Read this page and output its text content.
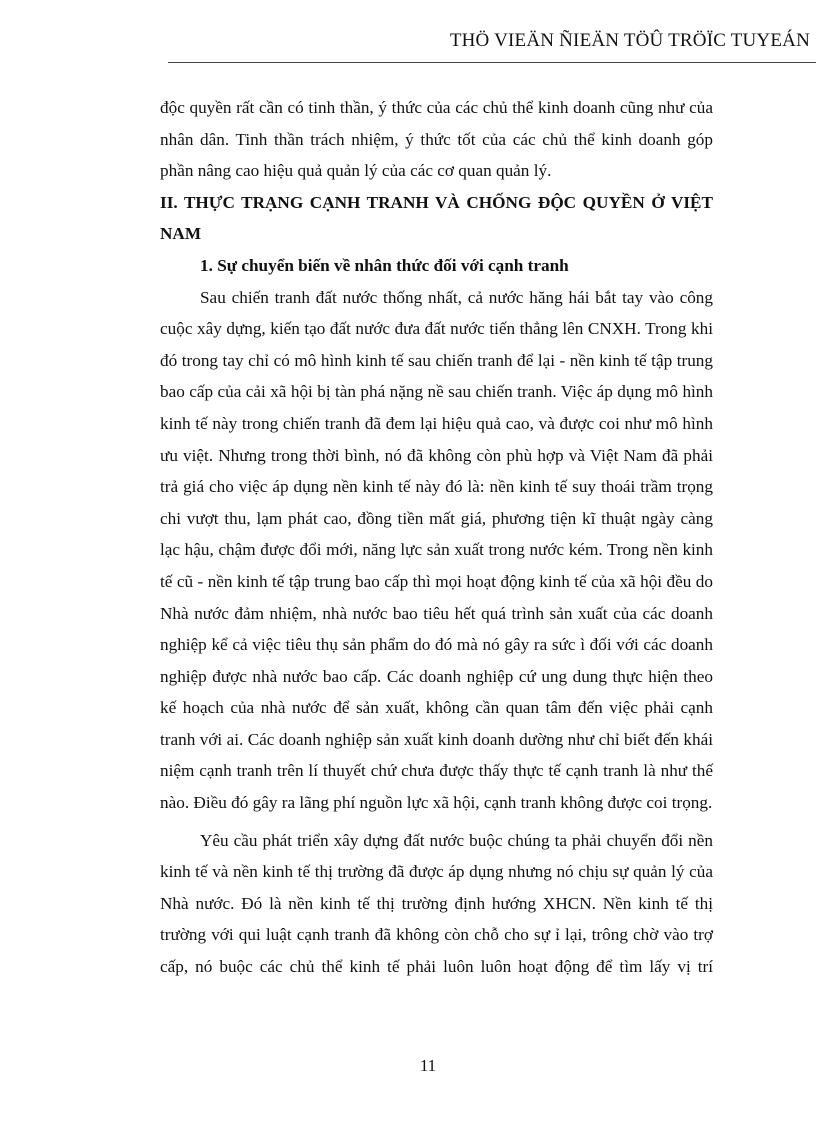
THÖ VIEÄN ÑIEÄN TÖÛ TRÖÏC TUYEÁN

độc quyền rất cần có tinh thần, ý thức của các chủ thể kinh doanh cũng như của nhân dân. Tinh thần trách nhiệm, ý thức tốt của các chủ thể kinh doanh góp phần nâng cao hiệu quả quản lý của các cơ quan quản lý.

II. THỰC TRẠNG CẠNH TRANH VÀ CHỐNG ĐỘC QUYỀN Ở VIỆT NAM

1. Sự chuyển biến về nhân thức đối với cạnh tranh

Sau chiến tranh đất nước thống nhất, cả nước hăng hái bắt tay vào công cuộc xây dựng, kiến tạo đất nước đưa đất nước tiến thẳng lên CNXH. Trong khi đó trong tay chỉ có mô hình kinh tế sau chiến tranh để lại - nền kinh tế tập trung bao cấp của cải xã hội bị tàn phá nặng nề sau chiến tranh. Việc áp dụng mô hình kinh tế này trong chiến tranh đã đem lại hiệu quả cao, và được coi như mô hình ưu việt. Nhưng trong thời bình, nó đã không còn phù hợp và Việt Nam đã phải trả giá cho việc áp dụng nền kinh tế này đó là: nền kinh tế suy thoái trầm trọng chi vượt thu, lạm phát cao, đồng tiền mất giá, phương tiện kĩ thuật ngày càng lạc hậu, chậm được đổi mới, năng lực sản xuất trong nước kém. Trong nền kinh tế cũ - nền kinh tế tập trung bao cấp thì mọi hoạt động kinh tế của xã hội đều do Nhà nước đảm nhiệm, nhà nước bao tiêu hết quá trình sản xuất của các doanh nghiệp kể cả việc tiêu thụ sản phẩm do đó mà nó gây ra sức ì đối với các doanh nghiệp được nhà nước bao cấp. Các doanh nghiệp cứ ung dung thực hiện theo kế hoạch của nhà nước để sản xuất, không cần quan tâm đến việc phải cạnh tranh với ai. Các doanh nghiệp sản xuất kinh doanh dường như chỉ biết đến khái niệm cạnh tranh trên lí thuyết chứ chưa được thấy thực tế cạnh tranh là như thế nào. Điều đó gây ra lãng phí nguồn lực xã hội, cạnh tranh không được coi trọng.

Yêu cầu phát triển xây dựng đất nước buộc chúng ta phải chuyển đổi nền kinh tế và nền kinh tế thị trường đã được áp dụng nhưng nó chịu sự quản lý của Nhà nước. Đó là nền kinh tế thị trường định hướng XHCN. Nền kinh tế thị trường với qui luật cạnh tranh đã không còn chỗ cho sự ỉ lại, trông chờ vào trợ cấp, nó buộc các chủ thể kinh tế phải luôn luôn hoạt động để tìm lấy vị trí

11
